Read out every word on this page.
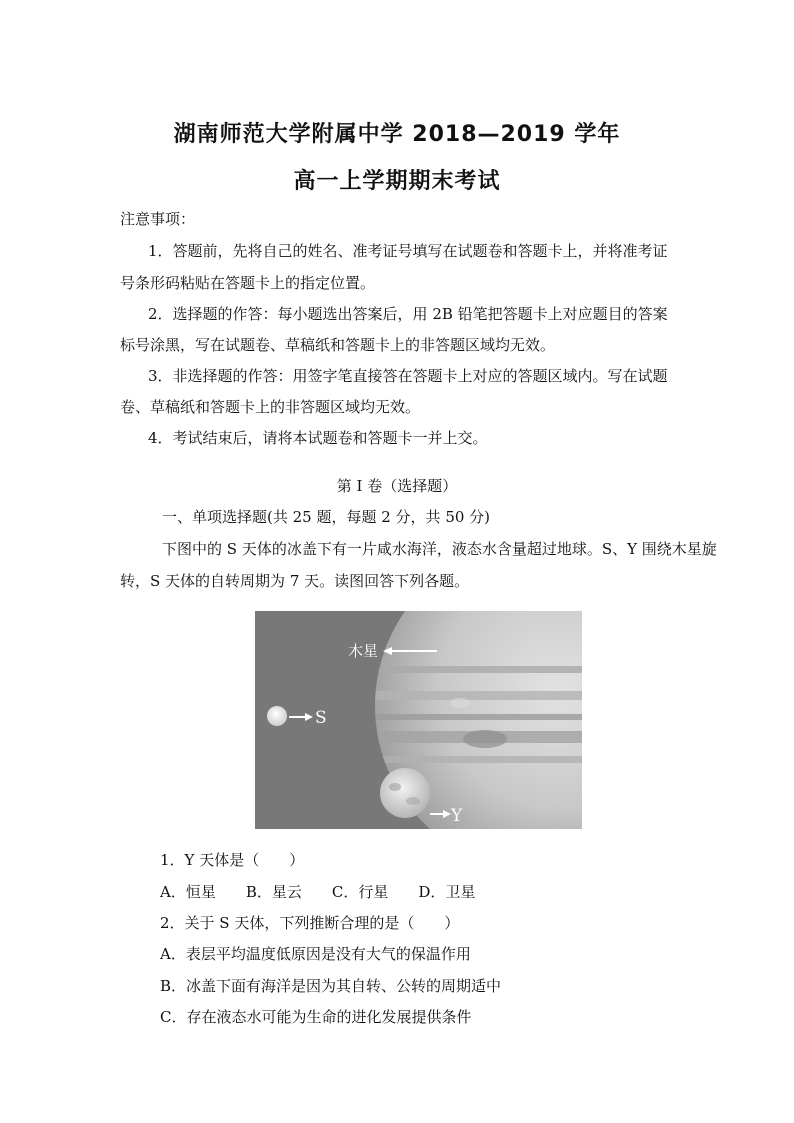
湖南师范大学附属中学 2018—2019 学年
高一上学期期末考试
注意事项：
1．答题前，先将自己的姓名、准考证号填写在试题卷和答题卡上，并将准考证
号条形码粘贴在答题卡上的指定位置。
2．选择题的作答：每小题选出答案后，用 2B 铅笔把答题卡上对应题目的答案
标号涂黑，写在试题卷、草稿纸和答题卡上的非答题区域均无效。
3．非选择题的作答：用签字笔直接答在答题卡上对应的答题区域内。写在试题
卷、草稿纸和答题卡上的非答题区域均无效。
4．考试结束后，请将本试题卷和答题卡一并上交。
第 I 卷（选择题）
一、单项选择题(共 25 题，每题 2 分，共 50 分)
下图中的 S 天体的冰盖下有一片咸水海洋，液态水含量超过地球。S、Y 围绕木星旋
转，S 天体的自转周期为 7 天。读图回答下列各题。
木星
S
Y
1．Y 天体是（　　）
A．恒星　　B．星云　　C．行星　　D．卫星
2．关于 S 天体，下列推断合理的是（　　）
A．表层平均温度低原因是没有大气的保温作用
B．冰盖下面有海洋是因为其自转、公转的周期适中
C．存在液态水可能为生命的进化发展提供条件
